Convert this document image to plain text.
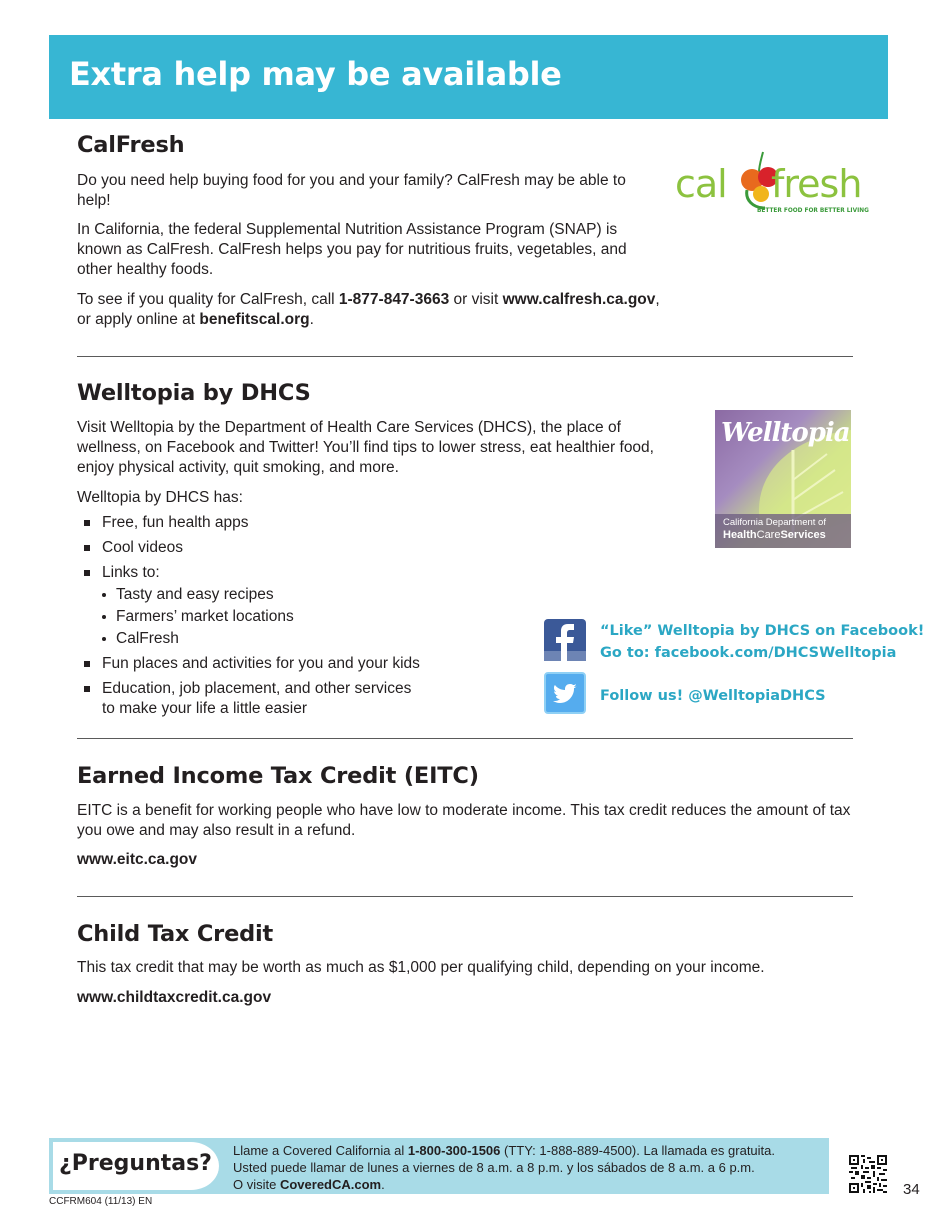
Extra help may be available
CalFresh
Do you need help buying food for you and your family? CalFresh may be able to help!
In California, the federal Supplemental Nutrition Assistance Program (SNAP) is known as CalFresh. CalFresh helps you pay for nutritious fruits, vegetables, and other healthy foods.
To see if you quality for CalFresh, call 1-877-847-3663 or visit www.calfresh.ca.gov,
or apply online at benefitscal.org.
cal fresh
BETTER FOOD FOR BETTER LIVING
Welltopia by DHCS
Visit Welltopia by the Department of Health Care Services (DHCS), the place of wellness, on Facebook and Twitter! You’ll find tips to lower stress, eat healthier food, enjoy physical activity, quit smoking, and more.
Welltopia by DHCS has:
Free, fun health apps
Cool videos
Links to:
Tasty and easy recipes
Farmers’ market locations
CalFresh
Fun places and activities for you and your kids
Education, job placement, and other services to make your life a little easier
Welltopia
California Department of
HealthCareServices
“Like” Welltopia by DHCS on Facebook!
Go to: facebook.com/DHCSWelltopia
Follow us! @WelltopiaDHCS
Earned Income Tax Credit (EITC)
EITC is a benefit for working people who have low to moderate income. This tax credit reduces the amount of tax you owe and may also result in a refund.
www.eitc.ca.gov
Child Tax Credit
This tax credit that may be worth as much as $1,000 per qualifying child, depending on your income.
www.childtaxcredit.ca.gov
¿Preguntas?
Llame a Covered California al 1-800-300-1506 (TTY: 1-888-889-4500). La llamada es gratuita.
Usted puede llamar de lunes a viernes de 8 a.m. a 8 p.m. y los sábados de 8 a.m. a 6 p.m.
O visite CoveredCA.com.
CCFRM604 (11/13) EN
34
